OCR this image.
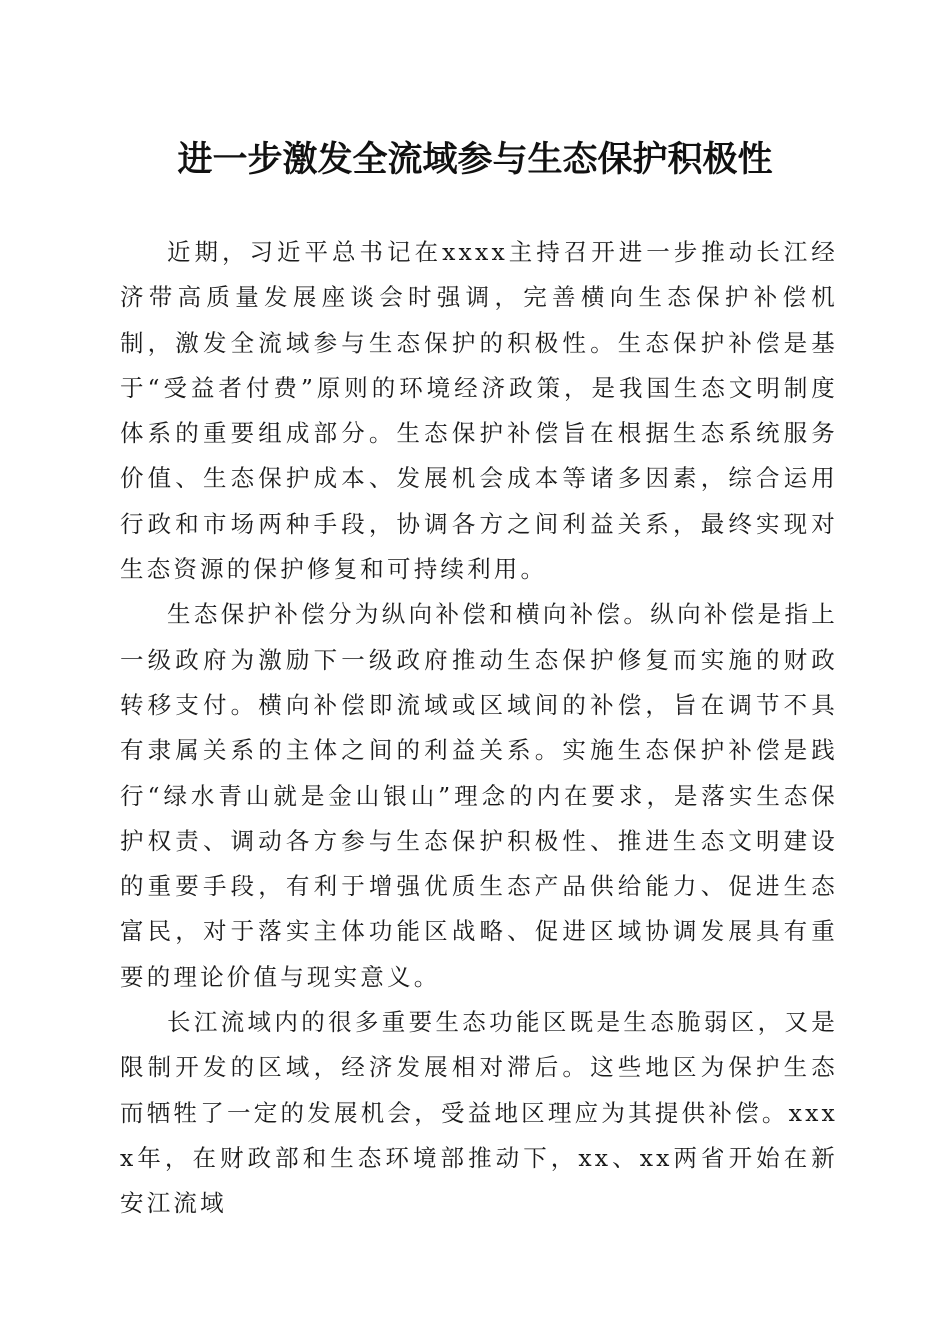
进一步激发全流域参与生态保护积极性

近期，习近平总书记在xxxx主持召开进一步推动长江经济带高质量发展座谈会时强调，完善横向生态保护补偿机制，激发全流域参与生态保护的积极性。生态保护补偿是基于“受益者付费”原则的环境经济政策，是我国生态文明制度体系的重要组成部分。生态保护补偿旨在根据生态系统服务价值、生态保护成本、发展机会成本等诸多因素，综合运用行政和市场两种手段，协调各方之间利益关系，最终实现对生态资源的保护修复和可持续利用。

生态保护补偿分为纵向补偿和横向补偿。纵向补偿是指上一级政府为激励下一级政府推动生态保护修复而实施的财政转移支付。横向补偿即流域或区域间的补偿，旨在调节不具有隶属关系的主体之间的利益关系。实施生态保护补偿是践行“绿水青山就是金山银山”理念的内在要求，是落实生态保护权责、调动各方参与生态保护积极性、推进生态文明建设的重要手段，有利于增强优质生态产品供给能力、促进生态富民，对于落实主体功能区战略、促进区域协调发展具有重要的理论价值与现实意义。

长江流域内的很多重要生态功能区既是生态脆弱区，又是限制开发的区域，经济发展相对滞后。这些地区为保护生态而牺牲了一定的发展机会，受益地区理应为其提供补偿。xxxx年，在财政部和生态环境部推动下，xx、xx两省开始在新安江流域
